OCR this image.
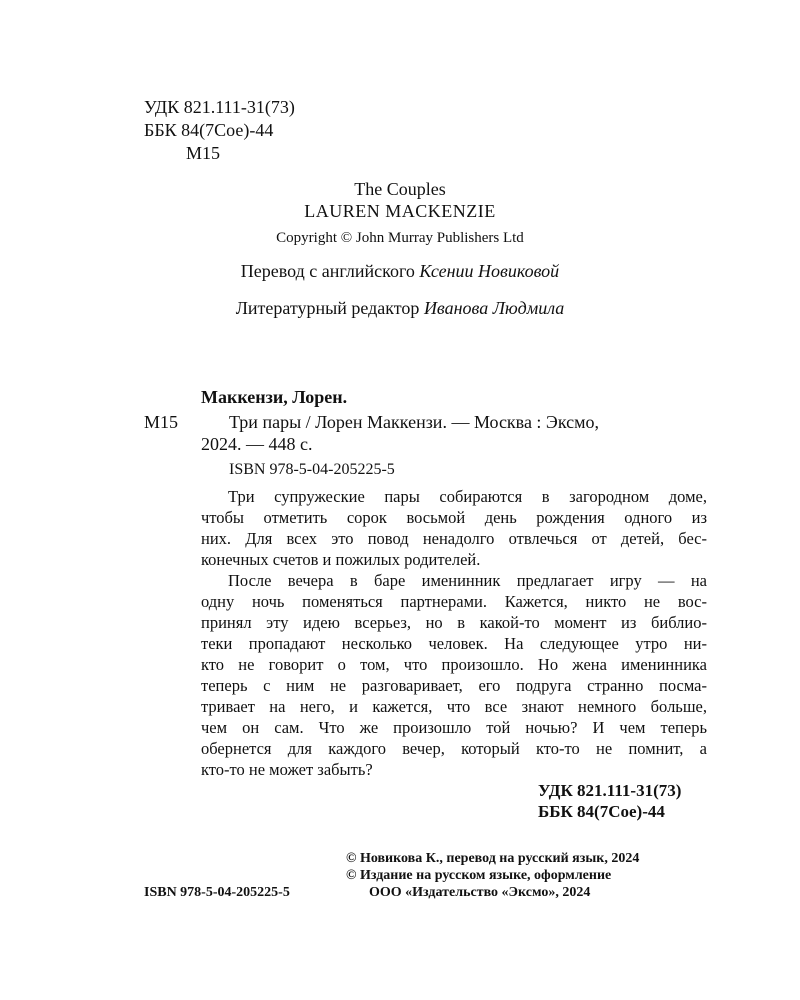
УДК 821.111-31(73)
ББК 84(7Сое)-44
М15
The Couples
LAUREN MACKENZIE
Copyright © John Murray Publishers Ltd
Перевод с английского Ксении Новиковой
Литературный редактор Иванова Людмила
Маккензи, Лорен.
М15	Три пары / Лорен Маккензи. — Москва : Эксмо,
2024. — 448 с.
ISBN 978-5-04-205225-5
Три супружеские пары собираются в загородном доме,
чтобы отметить сорок восьмой день рождения одного из
них. Для всех это повод ненадолго отвлечься от детей, бес-
конечных счетов и пожилых родителей.
После вечера в баре именинник предлагает игру — на
одну ночь поменяться партнерами. Кажется, никто не вос-
принял эту идею всерьез, но в какой-то момент из библио-
теки пропадают несколько человек. На следующее утро ни-
кто не говорит о том, что произошло. Но жена именинника
теперь с ним не разговаривает, его подруга странно посма-
тривает на него, и кажется, что все знают немного больше,
чем он сам. Что же произошло той ночью? И чем теперь
обернется для каждого вечер, который кто-то не помнит, а
кто-то не может забыть?
УДК 821.111-31(73)
ББК 84(7Сое)-44
ISBN 978-5-04-205225-5
© Новикова К., перевод на русский язык, 2024
© Издание на русском языке, оформление
ООО «Издательство «Эксмо», 2024
